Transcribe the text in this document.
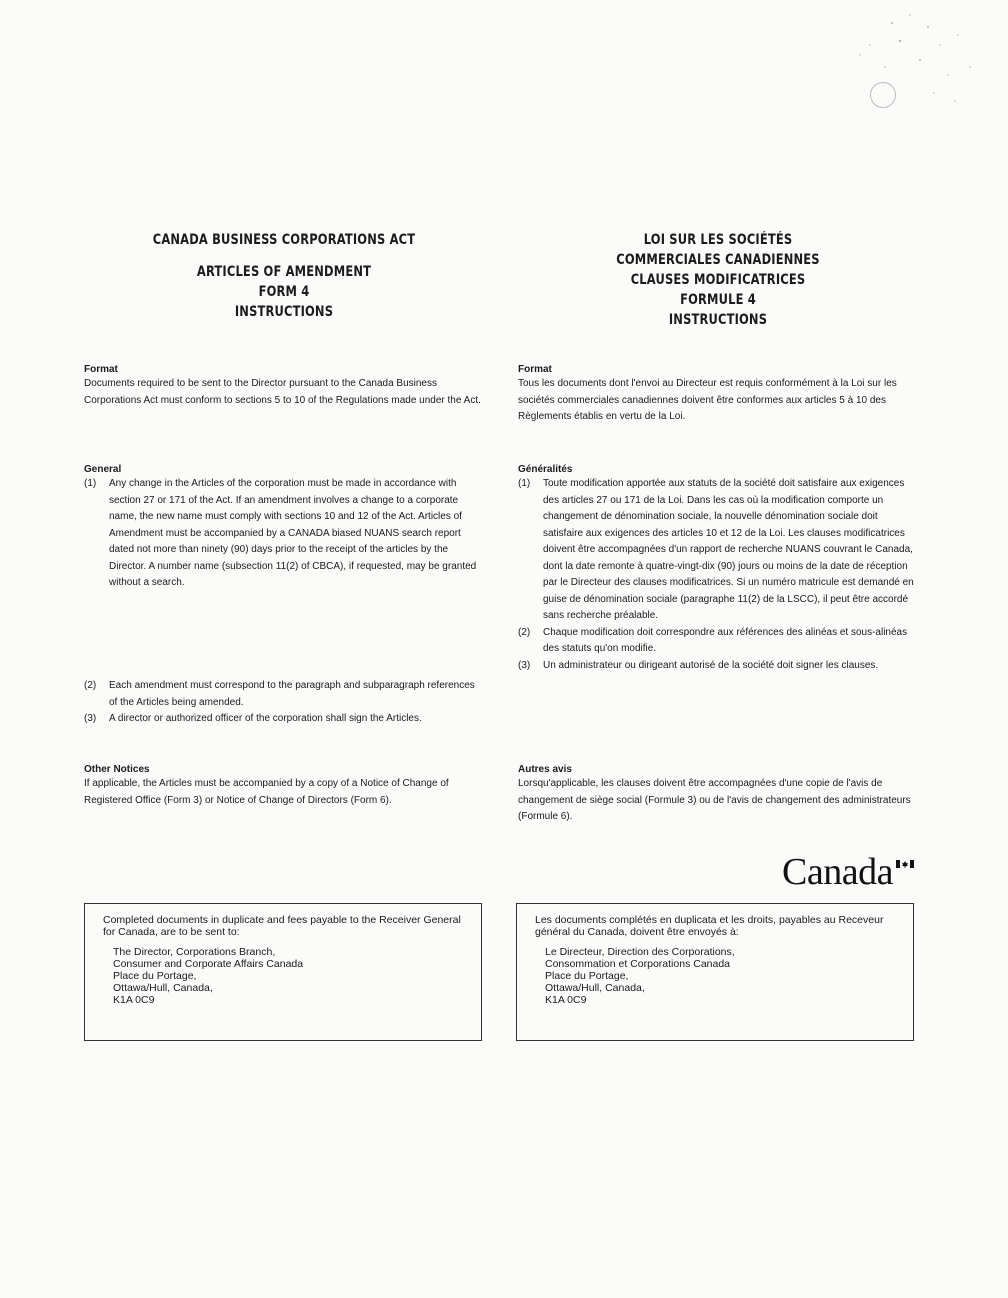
CANADA BUSINESS CORPORATIONS ACT
ARTICLES OF AMENDMENT
FORM 4
INSTRUCTIONS

Format

Documents required to be sent to the Director pursuant to the Canada Business Corporations Act must conform to sections 5 to 10 of the Regulations made under the Act.

General

(1) Any change in the Articles of the corporation must be made in accordance with section 27 or 171 of the Act. If an amendment involves a change to a corporate name, the new name must comply with sections 10 and 12 of the Act. Articles of Amendment must be accompanied by a CANADA biased NUANS search report dated not more than ninety (90) days prior to the receipt of the articles by the Director. A number name (subsection 11(2) of CBCA), if requested, may be granted without a search.
(2) Each amendment must correspond to the paragraph and subparagraph references of the Articles being amended.
(3) A director or authorized officer of the corporation shall sign the Articles.

Other Notices

If applicable, the Articles must be accompanied by a copy of a Notice of Change of Registered Office (Form 3) or Notice of Change of Directors (Form 6).

LOI SUR LES SOCIÉTÉS
COMMERCIALES CANADIENNES
CLAUSES MODIFICATRICES
FORMULE 4
INSTRUCTIONS

Format

Tous les documents dont l'envoi au Directeur est requis conformément à la Loi sur les sociétés commerciales canadiennes doivent être conformes aux articles 5 à 10 des Règlements établis en vertu de la Loi.

Généralités

(1) Toute modification apportée aux statuts de la société doit satisfaire aux exigences des articles 27 ou 171 de la Loi. Dans les cas où la modification comporte un changement de dénomination sociale, la nouvelle dénomination sociale doit satisfaire aux exigences des articles 10 et 12 de la Loi. Les clauses modificatrices doivent être accompagnées d'un rapport de recherche NUANS couvrant le Canada, dont la date remonte à quatre-vingt-dix (90) jours ou moins de la date de réception par le Directeur des clauses modificatrices. Si un numéro matricule est demandé en guise de dénomination sociale (paragraphe 11(2) de la LSCC), il peut être accordé sans recherche préalable.
(2) Chaque modification doit correspondre aux références des alinéas et sous-alinéas des statuts qu'on modifie.
(3) Un administrateur ou dirigeant autorisé de la société doit signer les clauses.

Autres avis

Lorsqu'applicable, les clauses doivent être accompagnées d'une copie de l'avis de changement de siège social (Formule 3) ou de l'avis de changement des administrateurs (Formule 6).

Canada

Completed documents in duplicate and fees payable to the Receiver General for Canada, are to be sent to:

The Director, Corporations Branch,
Consumer and Corporate Affairs Canada
Place du Portage,
Ottawa/Hull, Canada,
K1A 0C9

Les documents complétés en duplicata et les droits, payables au Receveur général du Canada, doivent être envoyés à:

Le Directeur, Direction des Corporations,
Consommation et Corporations Canada
Place du Portage,
Ottawa/Hull, Canada,
K1A 0C9
